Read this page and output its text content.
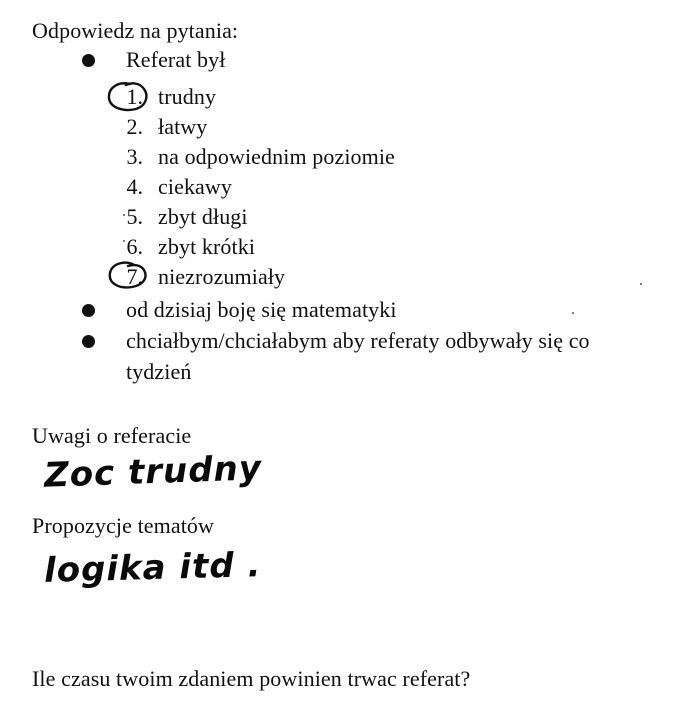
Odpowiedz na pytania:
Referat był
1. trudny
2. łatwy
3. na odpowiednim poziomie
4. ciekawy
5. zbyt długi
6. zbyt krótki
7. niezrozumiały
od dzisiaj boję się matematyki
chciałbym/chciałabym aby referaty odbywały się co
tydzień
Uwagi o referacie
Zoc trudny
Propozycje tematów
logika itd .
Ile czasu twoim zdaniem powinien trwac referat?
